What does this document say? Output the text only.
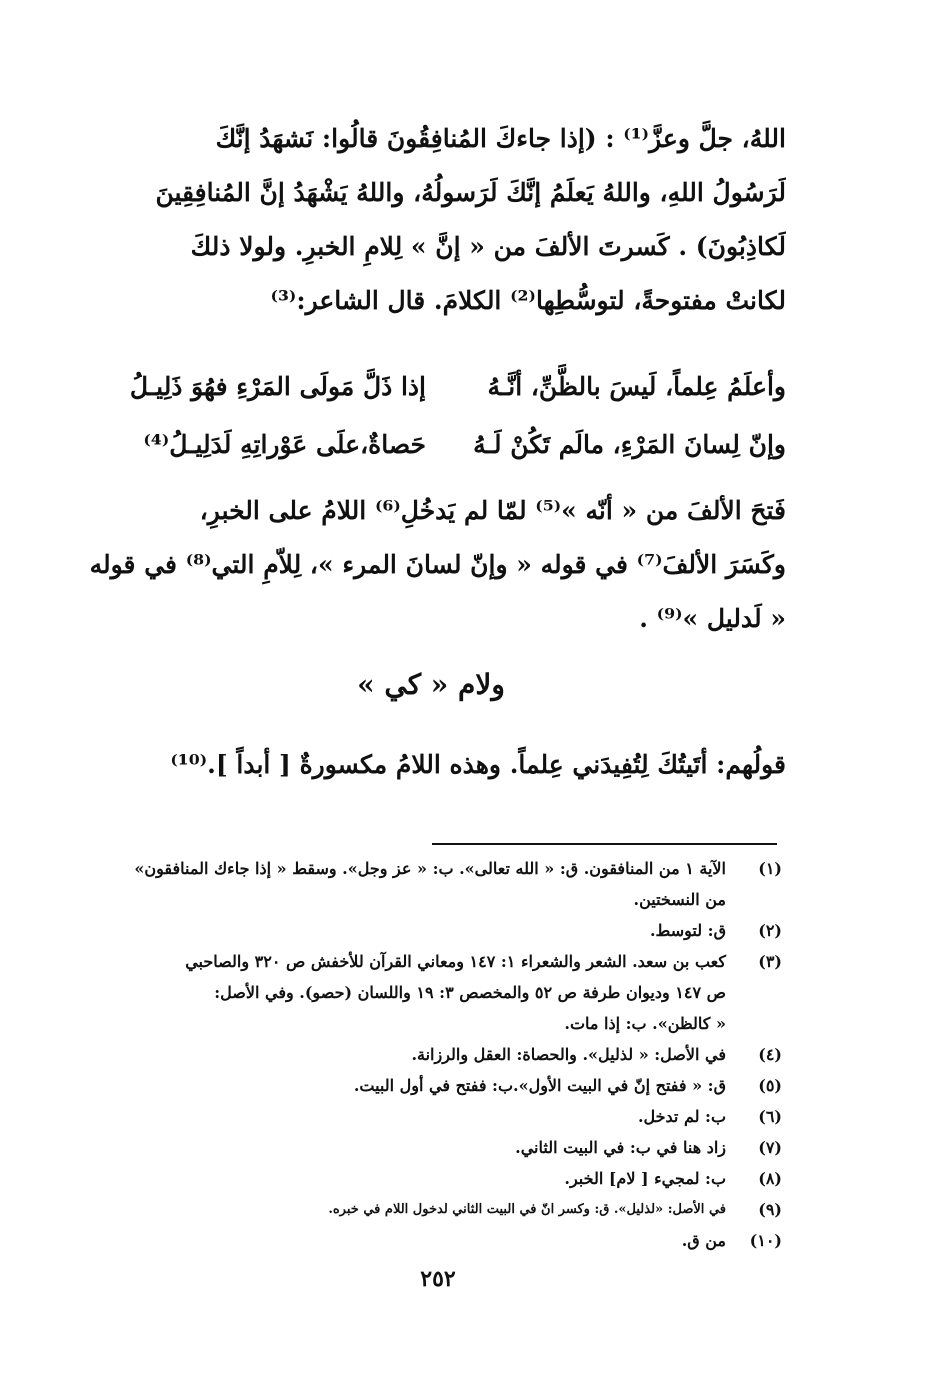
اللهُ، جلَّ وعزَّ⁽¹⁾ : (إذا جاءكَ المُنافِقُونَ قالُوا: نَشهَدُ إنَّكَ
لَرَسُولُ اللهِ، واللهُ يَعلَمُ إنَّكَ لَرَسولُهُ، واللهُ يَشْهَدُ إنَّ المُنافِقِينَ
لَكاذِبُونَ) . كَسرتَ الألفَ من « إنَّ » لِلامِ الخبرِ. ولولا ذلكَ
لكانتْ مفتوحةً، لتوسُّطِها⁽²⁾ الكلامَ. قال الشاعر:⁽³⁾
وأعلَمُ عِلماً، لَيسَ بالظَّنِّ، أنَّـهُإذا ذَلَّ مَولَى المَرْءِ فهُوَ ذَلِيـلُ
وإنّ لِسانَ المَرْءِ، مالَم تَكُنْ لَـهُحَصاةٌ،علَى عَوْراتِهِ لَدَلِيـلُ⁽⁴⁾
فَتحَ الألفَ من « أنّه »⁽⁵⁾ لمّا لم يَدخُلِ⁽⁶⁾ اللامُ على الخبرِ،
وكَسَرَ الألفَ⁽⁷⁾ في قوله « وإنّ لسانَ المرء »، لِلاّمِ التي⁽⁸⁾ في قوله
« لَدليل »⁽⁹⁾ .
ولام « كي »
قولُهم: أتَيتُكَ لِتُفِيدَني عِلماً. وهذه اللامُ مكسورةٌ [ أبداً ].⁽¹⁰⁾
(١)
الآية ١ من المنافقون. ق: « الله تعالى». ب: « عز وجل». وسقط « إذا جاءك المنافقون»
من النسختين.
(٢)
ق: لتوسط.
(٣)
كعب بن سعد. الشعر والشعراء ١: ١٤٧ ومعاني القرآن للأخفش ص ٣٢٠ والصاحبي
ص ١٤٧ وديوان طرفة ص ٥٢ والمخصص ٣: ١٩ واللسان (حصو). وفي الأصل:
« كالظن». ب: إذا مات.
(٤)
في الأصل: « لذليل». والحصاة: العقل والرزانة.
(٥)
ق: « ففتح إنّ في البيت الأول».ب: ففتح في أول البيت.
(٦)
ب: لم تدخل.
(٧)
زاد هنا في ب: في البيت الثاني.
(٨)
ب: لمجيء [ لام] الخبر.
(٩)
في الأصل: «لذليل». ق: وكسر انّ في البيت الثاني لدخول اللام في خبره.
(١٠)
من ق.
٢٥٢
